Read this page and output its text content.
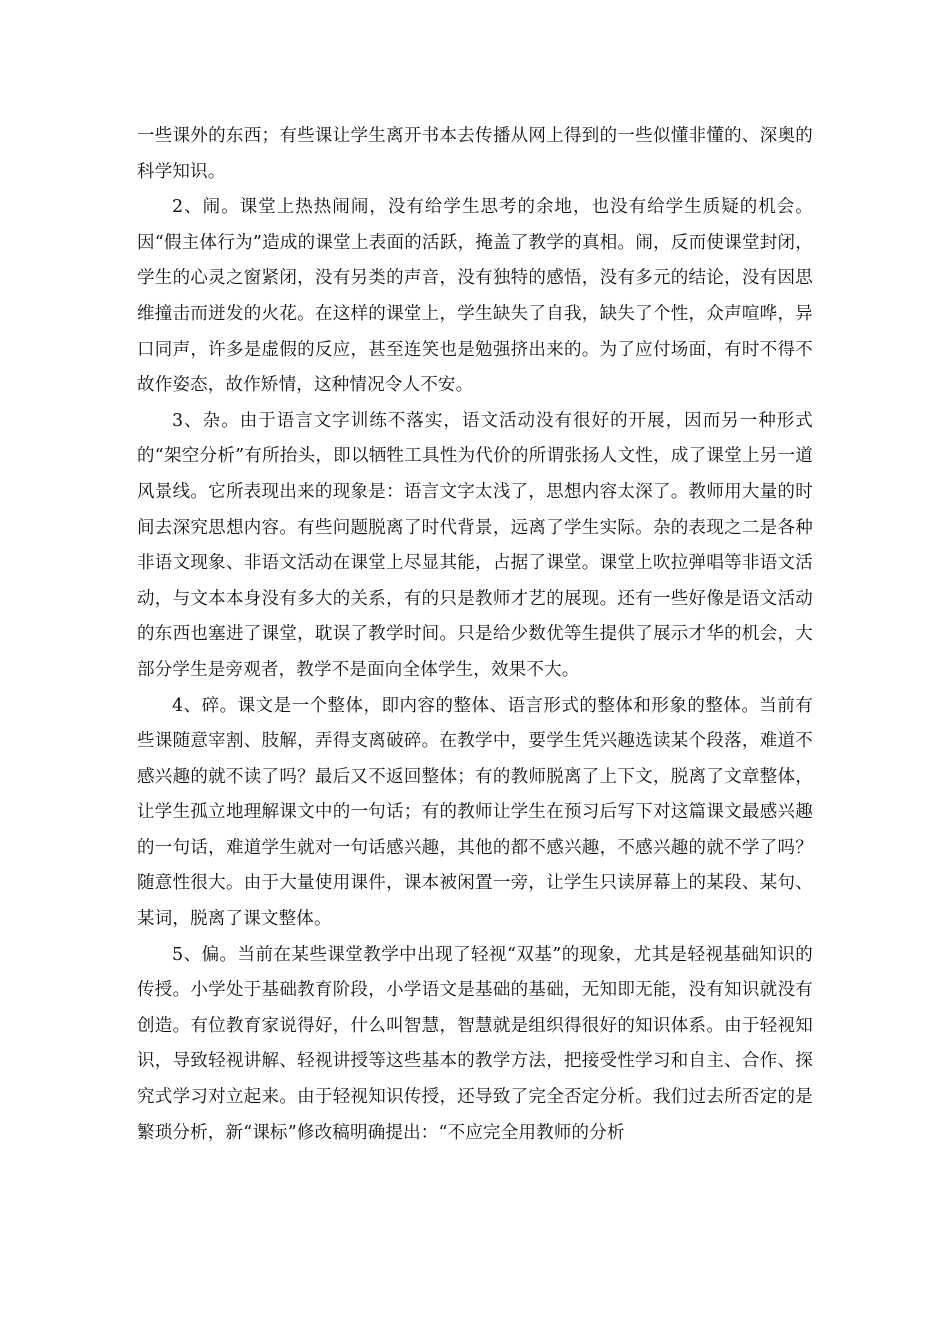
一些课外的东西；有些课让学生离开书本去传播从网上得到的一些似懂非懂的、深奥的科学知识。

2、闹。课堂上热热闹闹，没有给学生思考的余地，也没有给学生质疑的机会。因“假主体行为”造成的课堂上表面的活跃，掩盖了教学的真相。闹，反而使课堂封闭，学生的心灵之窗紧闭，没有另类的声音，没有独特的感悟，没有多元的结论，没有因思维撞击而迸发的火花。在这样的课堂上，学生缺失了自我，缺失了个性，众声喧哗，异口同声，许多是虚假的反应，甚至连笑也是勉强挤出来的。为了应付场面，有时不得不故作姿态，故作矫情，这种情况令人不安。

3、杂。由于语言文字训练不落实，语文活动没有很好的开展，因而另一种形式的“架空分析”有所抬头，即以牺牲工具性为代价的所谓张扬人文性，成了课堂上另一道风景线。它所表现出来的现象是：语言文字太浅了，思想内容太深了。教师用大量的时间去深究思想内容。有些问题脱离了时代背景，远离了学生实际。杂的表现之二是各种非语文现象、非语文活动在课堂上尽显其能，占据了课堂。课堂上吹拉弹唱等非语文活动，与文本本身没有多大的关系，有的只是教师才艺的展现。还有一些好像是语文活动的东西也塞进了课堂，耽误了教学时间。只是给少数优等生提供了展示才华的机会，大部分学生是旁观者，教学不是面向全体学生，效果不大。

4、碎。课文是一个整体，即内容的整体、语言形式的整体和形象的整体。当前有些课随意宰割、肢解，弄得支离破碎。在教学中，要学生凭兴趣选读某个段落，难道不感兴趣的就不读了吗？最后又不返回整体；有的教师脱离了上下文，脱离了文章整体，让学生孤立地理解课文中的一句话；有的教师让学生在预习后写下对这篇课文最感兴趣的一句话，难道学生就对一句话感兴趣，其他的都不感兴趣，不感兴趣的就不学了吗？随意性很大。由于大量使用课件，课本被闲置一旁，让学生只读屏幕上的某段、某句、某词，脱离了课文整体。

5、偏。当前在某些课堂教学中出现了轻视“双基”的现象，尤其是轻视基础知识的传授。小学处于基础教育阶段，小学语文是基础的基础，无知即无能，没有知识就没有创造。有位教育家说得好，什么叫智慧，智慧就是组织得很好的知识体系。由于轻视知识，导致轻视讲解、轻视讲授等这些基本的教学方法，把接受性学习和自主、合作、探究式学习对立起来。由于轻视知识传授，还导致了完全否定分析。我们过去所否定的是繁琐分析，新“课标”修改稿明确提出：“不应完全用教师的分析
